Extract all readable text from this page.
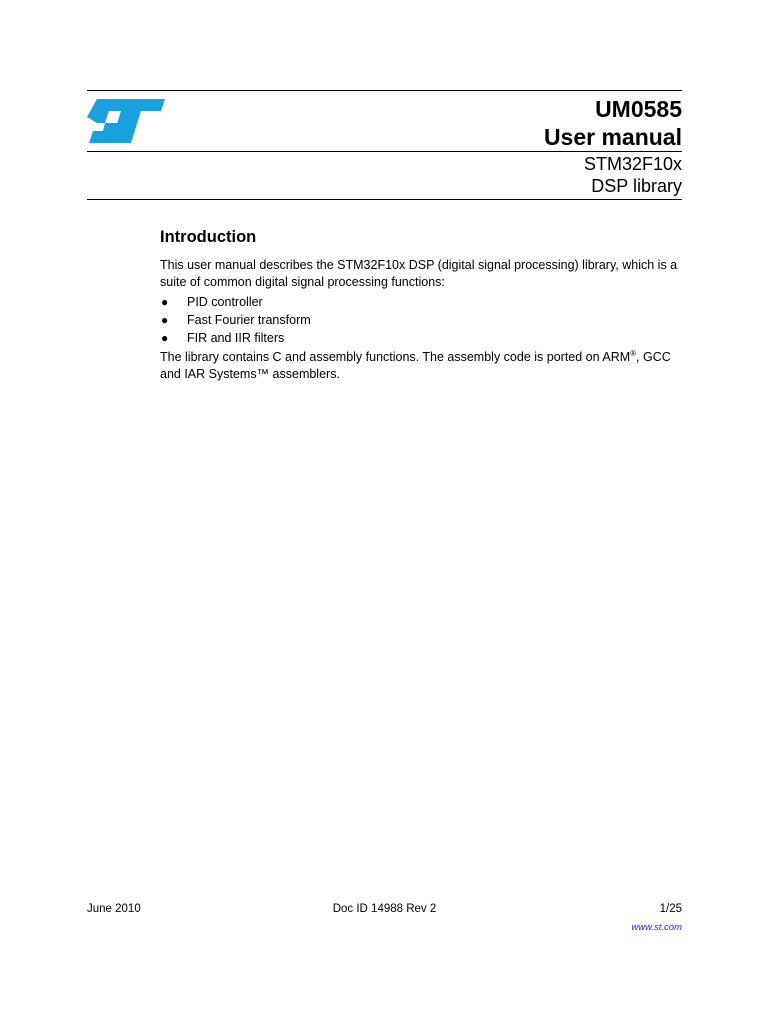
UM0585
User manual
STM32F10x
DSP library
Introduction

This user manual describes the STM32F10x DSP (digital signal processing) library, which is a suite of common digital signal processing functions:

● PID controller
● Fast Fourier transform
● FIR and IIR filters

The library contains C and assembly functions. The assembly code is ported on ARM®, GCC and IAR Systems™ assemblers.

June 2010	Doc ID 14988 Rev 2	1/25
www.st.com
